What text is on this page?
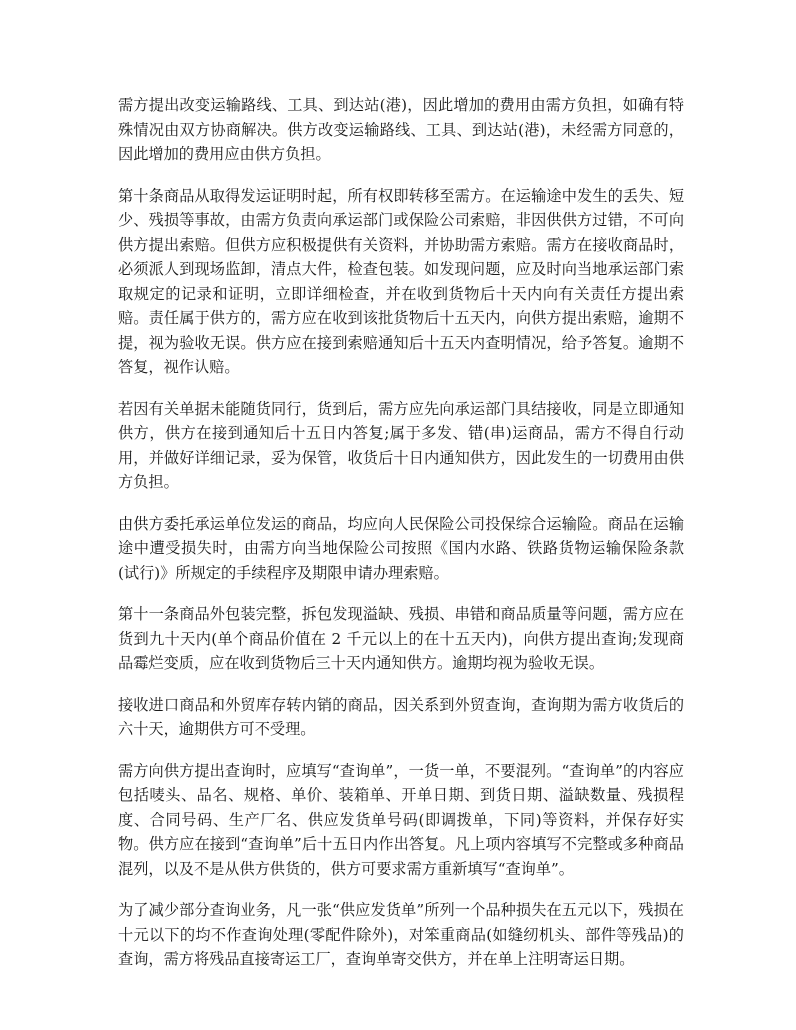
需方提出改变运输路线、工具、到达站(港)，因此增加的费用由需方负担，如确有特殊情况由双方协商解决。供方改变运输路线、工具、到达站(港)，未经需方同意的，因此增加的费用应由供方负担。

第十条商品从取得发运证明时起，所有权即转移至需方。在运输途中发生的丢失、短少、残损等事故，由需方负责向承运部门或保险公司索赔，非因供供方过错，不可向供方提出索赔。但供方应积极提供有关资料，并协助需方索赔。需方在接收商品时，必须派人到现场监卸，清点大件，检查包装。如发现问题，应及时向当地承运部门索取规定的记录和证明，立即详细检查，并在收到货物后十天内向有关责任方提出索赔。责任属于供方的，需方应在收到该批货物后十五天内，向供方提出索赔，逾期不提，视为验收无误。供方应在接到索赔通知后十五天内查明情况，给予答复。逾期不答复，视作认赔。

若因有关单据未能随货同行，货到后，需方应先向承运部门具结接收，同是立即通知供方，供方在接到通知后十五日内答复;属于多发、错(串)运商品，需方不得自行动用，并做好详细记录，妥为保管，收货后十日内通知供方，因此发生的一切费用由供方负担。

由供方委托承运单位发运的商品，均应向人民保险公司投保综合运输险。商品在运输途中遭受损失时，由需方向当地保险公司按照《国内水路、铁路货物运输保险条款(试行)》所规定的手续程序及期限申请办理索赔。

第十一条商品外包装完整，拆包发现溢缺、残损、串错和商品质量等问题，需方应在货到九十天内(单个商品价值在 2 千元以上的在十五天内)，向供方提出查询;发现商品霉烂变质，应在收到货物后三十天内通知供方。逾期均视为验收无误。

接收进口商品和外贸库存转内销的商品，因关系到外贸查询，查询期为需方收货后的六十天，逾期供方可不受理。

需方向供方提出查询时，应填写“查询单”，一货一单，不要混列。“查询单”的内容应包括唛头、品名、规格、单价、装箱单、开单日期、到货日期、溢缺数量、残损程度、合同号码、生产厂名、供应发货单号码(即调拨单，下同)等资料，并保存好实物。供方应在接到“查询单”后十五日内作出答复。凡上项内容填写不完整或多种商品混列，以及不是从供方供货的，供方可要求需方重新填写“查询单”。

为了减少部分查询业务，凡一张“供应发货单”所列一个品种损失在五元以下，残损在十元以下的均不作查询处理(零配件除外)，对笨重商品(如缝纫机头、部件等残品)的查询，需方将残品直接寄运工厂，查询单寄交供方，并在单上注明寄运日期。
